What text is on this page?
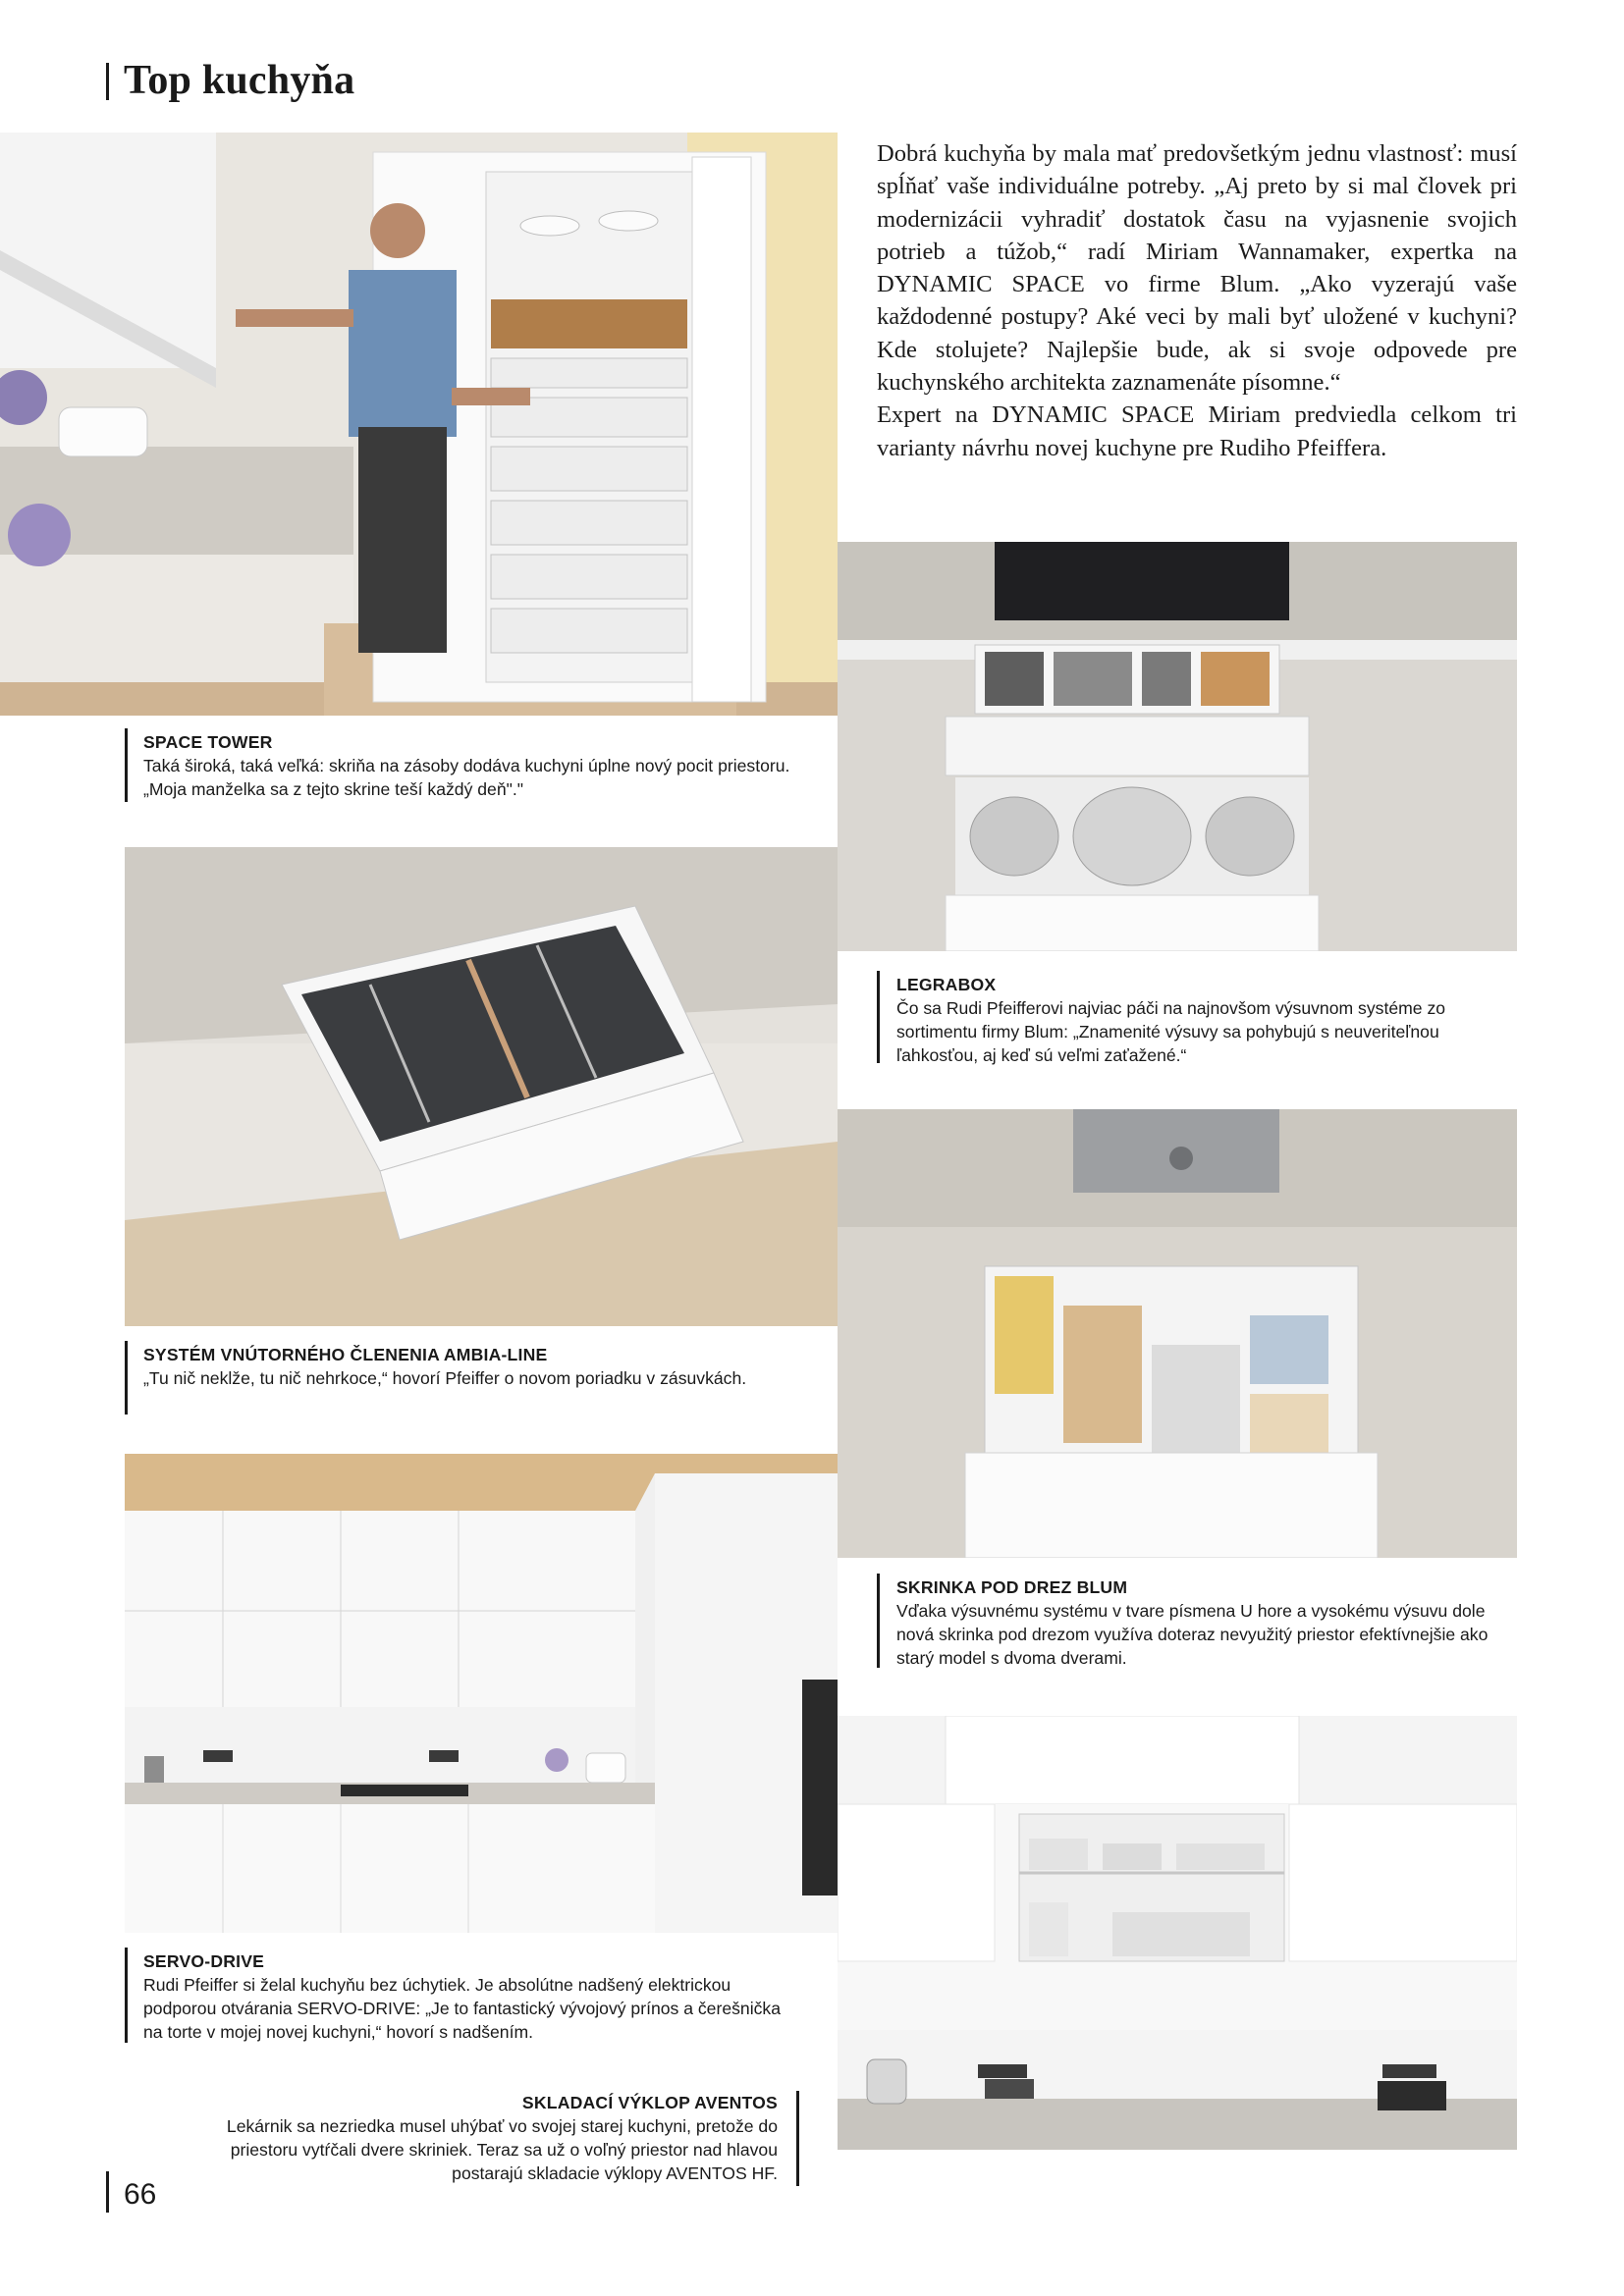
Top kuchyňa

Dobrá kuchyňa by mala mať predovšetkým jednu vlastnosť: musí spĺňať vaše individuálne potreby. „Aj preto by si mal človek pri modernizácii vyhradiť dostatok času na vyjasnenie svojich potrieb a túžob,“ radí Miriam Wannamaker, expertka na DYNAMIC SPACE vo firme Blum. „Ako vyzerajú vaše každodenné postupy? Aké veci by mali byť uložené v kuchyni? Kde stolujete? Najlepšie bude, ak si svoje odpovede pre kuchynského architekta zaznamenáte písomne.“

Expert na DYNAMIC SPACE Miriam predviedla celkom tri varianty návrhu novej kuchyne pre Rudiho Pfeiffera.

SPACE TOWER
Taká široká, taká veľká: skriňa na zásoby dodáva kuchyni úplne nový pocit priestoru. „Moja manželka sa z tejto skrine teší každý deň"."
LEGRABOX
Čo sa Rudi Pfeifferovi najviac páči na najnovšom výsuvnom systéme zo sortimentu firmy Blum: „Znamenité výsuvy sa pohybujú s neuveriteľnou ľahkosťou, aj keď sú veľmi zaťažené.“
SYSTÉM VNÚTORNÉHO ČLENENIA AMBIA-LINE
„Tu nič neklže, tu nič nehrkoce,“ hovorí Pfeiffer o novom poriadku v zásuvkách.
SKRINKA POD DREZ BLUM
Vďaka výsuvnému systému v tvare písmena U hore a vysokému výsuvu dole nová skrinka pod drezom využíva doteraz nevyužitý priestor efektívnejšie ako starý model s dvoma dverami.
SERVO-DRIVE
Rudi Pfeiffer si želal kuchyňu bez úchytiek. Je absolútne nadšený elektrickou podporou otvárania SERVO-DRIVE: „Je to fantastický vývojový prínos a čerešnička na torte v mojej novej kuchyni,“ hovorí s nadšením.
SKLADACÍ VÝKLOP AVENTOS
Lekárnik sa nezriedka musel uhýbať vo svojej starej kuchyni, pretože do priestoru vytŕčali dvere skriniek. Teraz sa už o voľný priestor nad hlavou postarajú skladacie výklopy AVENTOS HF.
66
